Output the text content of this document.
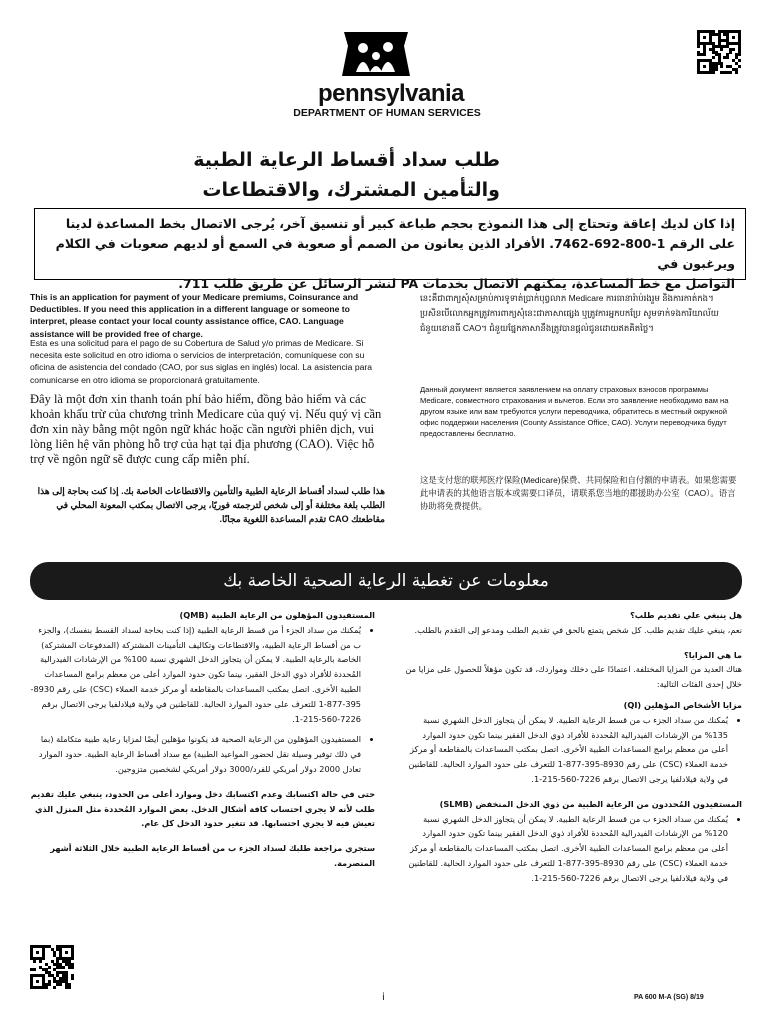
pennsylvania
DEPARTMENT OF HUMAN SERVICES
طلب سداد أقساط الرعاية الطبية
والتأمين المشترك، والاقتطاعات
إذا كان لديك إعاقة وتحتاج إلى هذا النموذج بحجم طباعة كبير أو تنسيق آخر، يُرجى الاتصال بخط المساعدة لدينا
على الرقم 1-800-692-7462. الأفراد الذين يعانون من الصمم أو صعوبة في السمع أو لديهم صعوبات في الكلام ويرغبون في
التواصل مع خط المساعدة، يمكنهم الاتصال بخدمات PA لنشر الرسائل عن طريق طلب 711.
This is an application for payment of your Medicare premiums, Coinsurance and Deductibles. If you need this application in a different language or someone to interpret, please contact your local county assistance office, CAO. Language assistance will be provided free of charge.
Esta es una solicitud para el pago de su Cobertura de Salud y/o primas de Medicare. Si necesita este solicitud en otro idioma o servicios de interpretación, comuníquese con su oficina de asistencia del condado (CAO, por sus siglas en inglés) local. La asistencia para comunicarse en otro idioma se proporcionará gratuitamente.
Đây là một đơn xin thanh toán phí bảo hiểm, đồng bảo hiểm và các khoản khấu trừ của chương trình Medicare của quý vị. Nếu quý vị cần đơn xin này bằng một ngôn ngữ khác hoặc cần người phiên dịch, vui lòng liên hệ văn phòng hỗ trợ của hạt tại địa phương (CAO). Việc hỗ trợ về ngôn ngữ sẽ được cung cấp miễn phí.
هذا طلب لسداد أقساط الرعاية الطبية والتأمين والاقتطاعات الخاصة بك. إذا كنت بحاجة إلى هذا الطلب بلغة مختلفة أو إلى شخص لترجمته فوريًا، يرجى الاتصال بمكتب المعونة المحلي في مقاطعتك CAO تقدم المساعدة اللغوية مجانًا.
នេះគឺជាពាក្យសុំសម្រាប់ការទូទាត់ប្រាក់បុព្វលាភ Medicare ការធានារ៉ាប់រងរួម និងការកាត់កង។ ប្រសិនបើលោកអ្នកត្រូវការពាក្យសុំនេះជាភាសាផ្សេង ឬត្រូវការអ្នកបកប្រែ សូមទាក់ទងការិយាល័យជំនួយខោនធី CAO។ ជំនួយផ្នែកភាសានឹងត្រូវបានផ្តល់ជូនដោយឥតគិតថ្លៃ។
Данный документ является заявлением на оплату страховых взносов программы Medicare, совместного страхования и вычетов. Если это заявление необходимо вам на другом языке или вам требуются услуги переводчика, обратитесь в местный окружной офис поддержки населения (County Assistance Office, CAO). Услуги переводчика будут предоставлены бесплатно.
这是支付您的联邦医疗保险(Medicare)保费、共同保险和自付额的申请表。如果您需要此申请表的其他语言版本或需要口译员，请联系您当地的郡援助办公室（CAO）。语言协助将免费提供。
معلومات عن تغطية الرعاية الصحية الخاصة بك
هل ينبغي علي تقديم طلب؟
نعم، ينبغي عليك تقديم طلب. كل شخص يتمتع بالحق في تقديم الطلب ومدعو إلى التقدم بالطلب.
ما هي المزايا؟
هناك العديد من المزايا المختلفة. اعتمادًا على دخلك ومواردك، قد تكون مؤهلاً للحصول على مزايا من خلال إحدى الفئات التالية:
مزايا الأشخاص المؤهلين (QI)
• يُمكنك من سداد الجزء ب من قسط الرعاية الطبية. لا يمكن أن يتجاوز الدخل الشهري نسبة 135% من الإرشادات الفيدرالية المُحددة للأفراد ذوي الدخل الفقير بينما تكون حدود الموارد أعلى من معظم برامج المساعدات الطبية الأخرى. اتصل بمكتب المساعدات بالمقاطعة أو مركز خدمة العملاء (CSC) على رقم 8930-395-877-1 للتعرف على حدود الموارد الحالية. للقاطنين في ولاية فيلادلفيا يرجى الاتصال برقم 7226-560-215-1.
المستفيدون المُحددون من الرعاية الطبية من ذوي الدخل المنخفض (SLMB)
• يُمكنك من سداد الجزء ب من قسط الرعاية الطبية. لا يمكن أن يتجاوز الدخل الشهري نسبة 120% من الإرشادات الفيدرالية المُحددة للأفراد ذوي الدخل الفقير بينما تكون حدود الموارد أعلى من معظم برامج المساعدات الطبية الأخرى. اتصل بمكتب المساعدات بالمقاطعة أو مركز خدمة العملاء (CSC) على رقم 8930-395-877-1 للتعرف على حدود الموارد الحالية. للقاطنين في ولاية فيلادلفيا يرجى الاتصال برقم 7226-560-215-1.
المستفيدون المؤهلون من الرعاية الطبية (QMB)
• يُمكنك من سداد الجزء أ من قسط الرعاية الطبية (إذا كنت بحاجة لسداد القسط بنفسك)، والجزء ب من أقساط الرعاية الطبية، والاقتطاعات وتكاليف التأمينات المشتركة (المدفوعات المشتركة) الخاصة بالرعاية الطبية. لا يمكن أن يتجاوز الدخل الشهري نسبة 100% من الإرشادات الفيدرالية المُحددة للأفراد ذوي الدخل الفقير، بينما تكون حدود الموارد أعلى من معظم برامج المساعدات الطبية الأخرى. اتصل بمكتب المساعدات بالمقاطعة أو مركز خدمة العملاء (CSC) على رقم 8930-395-877-1 للتعرف على حدود الموارد الحالية. للقاطنين في ولاية فيلادلفيا يرجى الاتصال برقم 7226-560-215-1.
• المستفيدون المؤهلون من الرعاية الصحية قد يكونوا مؤهلين أيضًا لمزايا رعاية طبية متكاملة (بما في ذلك توفير وسيلة نقل لحضور المواعيد الطبية) مع سداد أقساط الرعاية الطبية. حدود الموارد تعادل 2000 دولار أمريكي للفرد/3000 دولار أمريكي لشخصين متزوجين.
حتى في حالة اكتسابك وعدم اكتسابك دخل وموارد أعلى من الحدود، ينبغي عليك تقديم طلب لأنه لا يجري احتساب كافة أشكال الدخل. بعض الموارد المُحددة مثل المنزل الذي تعيش فيه لا يجري احتسابها. قد تتغير حدود الدخل كل عام.
ستجري مراجعة طلبك لسداد الجزء ب من أقساط الرعاية الطبية خلال الثلاثة أشهر المنصرمة.
i	PA 600 M-A (SG) 8/19
